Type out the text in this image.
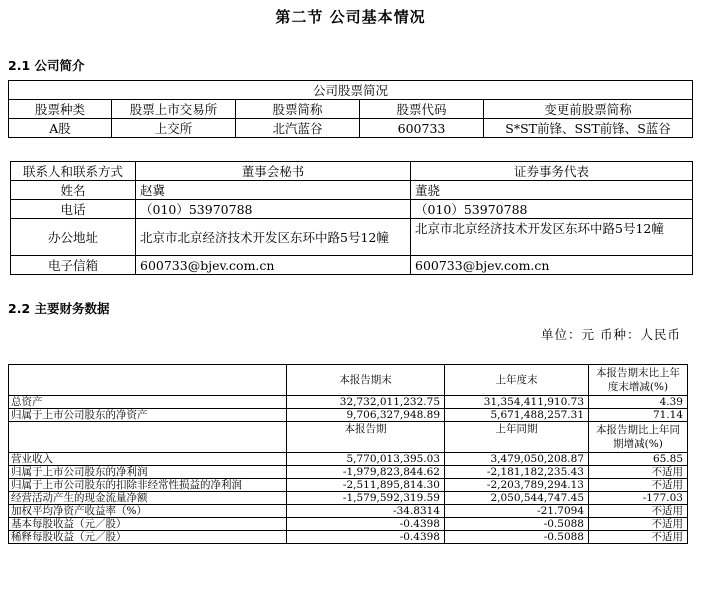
第二节 公司基本情况
2.1 公司简介
公司股票简况				
股票种类	股票上市交易所	股票简称	股票代码	变更前股票简称
A股	上交所	北汽蓝谷	600733	S*ST前锋、SST前锋、S蓝谷
联系人和联系方式	董事会秘书	证券事务代表
姓名	赵冀	董骁
电话	（010）53970788	（010）53970788
办公地址	北京市北京经济技术开发区东环中路5号12幢	北京市北京经济技术开发区东环中路5号12幢
电子信箱	600733@bjev.com.cn	600733@bjev.com.cn
2.2 主要财务数据
单位：元 币种：人民币
	本报告期末	上年度末	本报告期末比上年度末增减(%)
总资产	32,732,011,232.75	31,354,411,910.73	4.39
归属于上市公司股东的净资产	9,706,327,948.89	5,671,488,257.31	71.14
	本报告期	上年同期	本报告期比上年同期增减(%)
营业收入	5,770,013,395.03	3,479,050,208.87	65.85
归属于上市公司股东的净利润	-1,979,823,844.62	-2,181,182,235.43	不适用
归属于上市公司股东的扣除非经常性损益的净利润	-2,511,895,814.30	-2,203,789,294.13	不适用
经营活动产生的现金流量净额	-1,579,592,319.59	2,050,544,747.45	-177.03
加权平均净资产收益率（%）	-34.8314	-21.7094	不适用
基本每股收益（元／股）	-0.4398	-0.5088	不适用
稀释每股收益（元／股）	-0.4398	-0.5088	不适用
